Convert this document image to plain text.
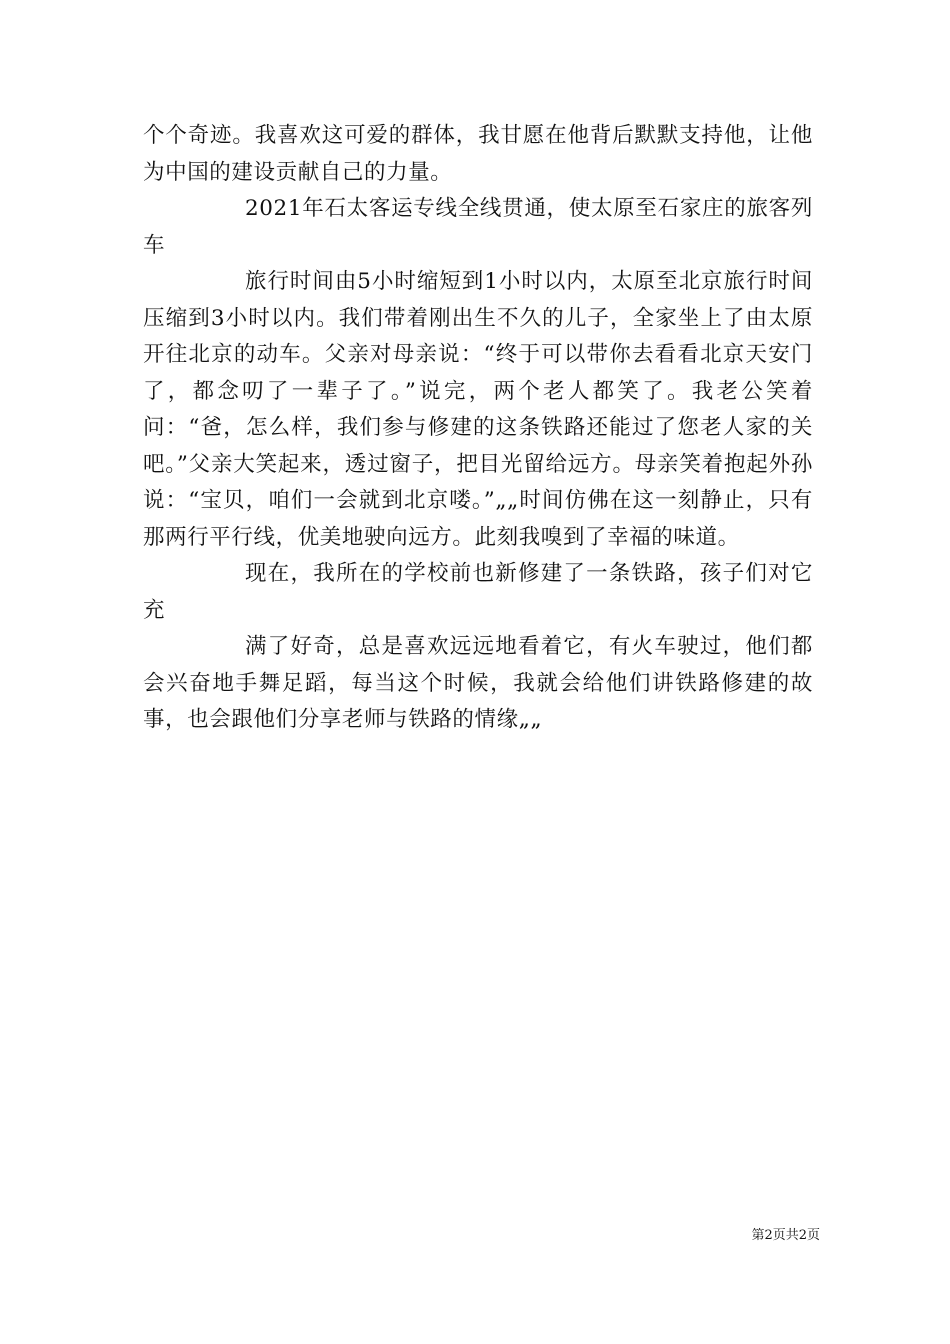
个个奇迹。我喜欢这可爱的群体，我甘愿在他背后默默支持他，让他为中国的建设贡献自己的力量。

2021年石太客运专线全线贯通，使太原至石家庄的旅客列车

旅行时间由5小时缩短到1小时以内，太原至北京旅行时间压缩到3小时以内。我们带着刚出生不久的儿子，全家坐上了由太原开往北京的动车。父亲对母亲说：“终于可以带你去看看北京天安门了，都念叨了一辈子了。”说完，两个老人都笑了。我老公笑着问：“爸，怎么样，我们参与修建的这条铁路还能过了您老人家的关吧。”父亲大笑起来，透过窗子，把目光留给远方。母亲笑着抱起外孙说：“宝贝，咱们一会就到北京喽。”„„时间仿佛在这一刻静止，只有那两行平行线，优美地驶向远方。此刻我嗅到了幸福的味道。

现在，我所在的学校前也新修建了一条铁路，孩子们对它充

满了好奇，总是喜欢远远地看着它，有火车驶过，他们都会兴奋地手舞足蹈，每当这个时候，我就会给他们讲铁路修建的故事，也会跟他们分享老师与铁路的情缘„„

第2页共2页
